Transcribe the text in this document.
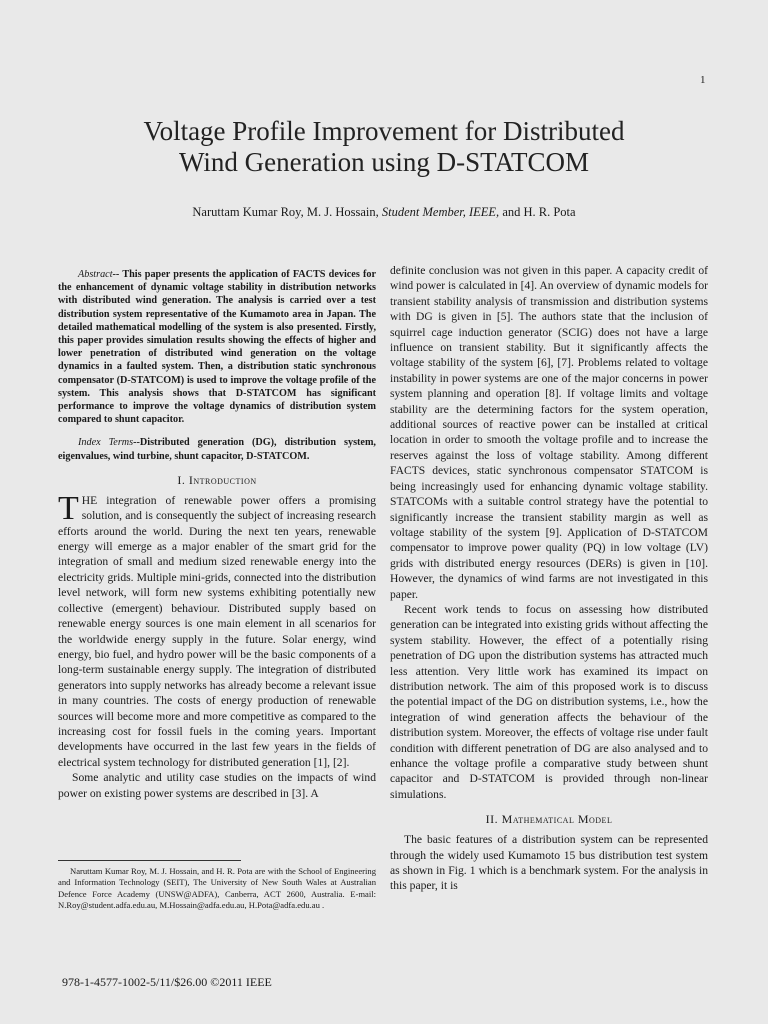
1
Voltage Profile Improvement for Distributed
Wind Generation using D-STATCOM
Naruttam Kumar Roy, M. J. Hossain, Student Member, IEEE, and H. R. Pota

Abstract-- This paper presents the application of FACTS devices for the enhancement of dynamic voltage stability in distribution networks with distributed wind generation. The analysis is carried over a test distribution system representative of the Kumamoto area in Japan. The detailed mathematical modelling of the system is also presented. Firstly, this paper provides simulation results showing the effects of higher and lower penetration of distributed wind generation on the voltage dynamics in a faulted system. Then, a distribution static synchronous compensator (D-STATCOM) is used to improve the voltage profile of the system. This analysis shows that D-STATCOM has significant performance to improve the voltage dynamics of distribution system compared to shunt capacitor.

Index Terms--Distributed generation (DG), distribution system, eigenvalues, wind turbine, shunt capacitor, D-STATCOM.

I. Introduction

THE integration of renewable power offers a promising solution, and is consequently the subject of increasing research efforts around the world. During the next ten years, renewable energy will emerge as a major enabler of the smart grid for the integration of small and medium sized renewable energy into the electricity grids. Multiple mini-grids, connected into the distribution level network, will form new systems exhibiting potentially new collective (emergent) behaviour. Distributed supply based on renewable energy sources is one main element in all scenarios for the worldwide energy supply in the future. Solar energy, wind energy, bio fuel, and hydro power will be the basic components of a long-term sustainable energy supply. The integration of distributed generators into supply networks has already become a relevant issue in many countries. The costs of energy production of renewable sources will become more and more competitive as compared to the increasing cost for fossil fuels in the coming years. Important developments have occurred in the last few years in the fields of electrical system technology for distributed generation [1], [2].

Some analytic and utility case studies on the impacts of wind power on existing power systems are described in [3]. A

Naruttam Kumar Roy, M. J. Hossain, and H. R. Pota are with the School of Engineering and Information Technology (SEIT), The University of New South Wales at Australian Defence Force Academy (UNSW@ADFA), Canberra, ACT 2600, Australia. E-mail: N.Roy@student.adfa.edu.au, M.Hossain@adfa.edu.au, H.Pota@adfa.edu.au .

definite conclusion was not given in this paper. A capacity credit of wind power is calculated in [4]. An overview of dynamic models for transient stability analysis of transmission and distribution systems with DG is given in [5]. The authors state that the inclusion of squirrel cage induction generator (SCIG) does not have a large influence on transient stability. But it significantly affects the voltage stability of the system [6], [7]. Problems related to voltage instability in power systems are one of the major concerns in power system planning and operation [8]. If voltage limits and voltage stability are the determining factors for the system operation, additional sources of reactive power can be installed at critical location in order to smooth the voltage profile and to increase the reserves against the loss of voltage stability. Among different FACTS devices, static synchronous compensator STATCOM is being increasingly used for enhancing dynamic voltage stability. STATCOMs with a suitable control strategy have the potential to significantly increase the transient stability margin as well as voltage stability of the system [9]. Application of D-STATCOM compensator to improve power quality (PQ) in low voltage (LV) grids with distributed energy resources (DERs) is given in [10]. However, the dynamics of wind farms are not investigated in this paper.

Recent work tends to focus on assessing how distributed generation can be integrated into existing grids without affecting the system stability. However, the effect of a potentially rising penetration of DG upon the distribution systems has attracted much less attention. Very little work has examined its impact on distribution network. The aim of this proposed work is to discuss the potential impact of the DG on distribution systems, i.e., how the integration of wind generation affects the behaviour of the distribution system. Moreover, the effects of voltage rise under fault condition with different penetration of DG are also analysed and to enhance the voltage profile a comparative study between shunt capacitor and D-STATCOM is provided through non-linear simulations.

II. Mathematical Model

The basic features of a distribution system can be represented through the widely used Kumamoto 15 bus distribution test system as shown in Fig. 1 which is a benchmark system. For the analysis in this paper, it is

978-1-4577-1002-5/11/$26.00 ©2011 IEEE
